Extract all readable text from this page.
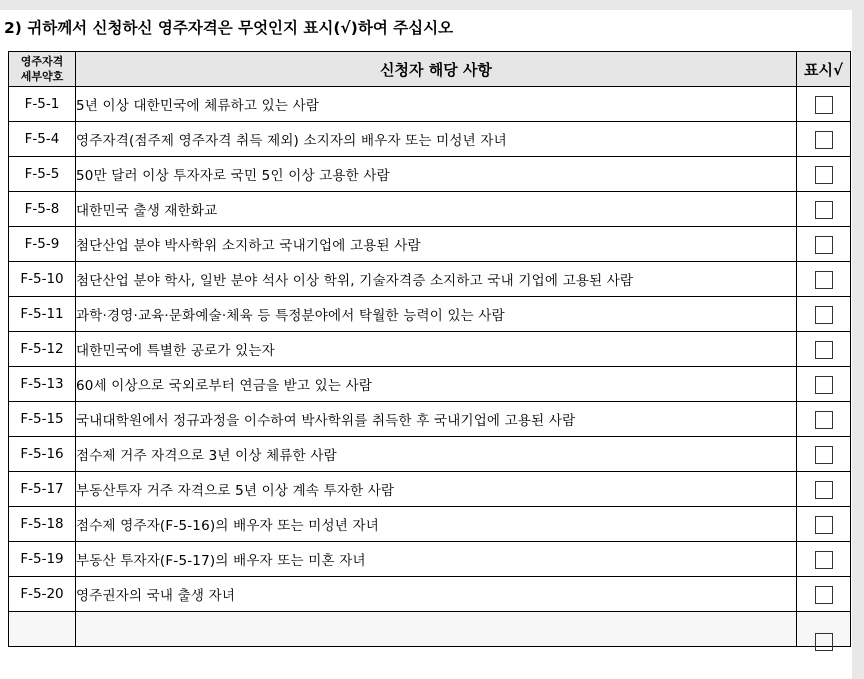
2) 귀하께서 신청하신 영주자격은 무엇인지 표시(√)하여 주십시오
영주자격
세부약호	신청자 해당 사항	표시√
F-5-1	5년 이상 대한민국에 체류하고 있는 사람	
F-5-4	영주자격(점주제 영주자격 취득 제외) 소지자의 배우자 또는 미성년 자녀	
F-5-5	50만 달러 이상 투자자로 국민 5인 이상 고용한 사람	
F-5-8	대한민국 출생 재한화교	
F-5-9	첨단산업 분야 박사학위 소지하고 국내기업에 고용된 사람	
F-5-10	첨단산업 분야 학사, 일반 분야 석사 이상 학위, 기술자격증 소지하고 국내 기업에 고용된 사람	
F-5-11	과학·경영·교육·문화예술·체육 등 특정분야에서 탁월한 능력이 있는 사람	
F-5-12	대한민국에 특별한 공로가 있는자	
F-5-13	60세 이상으로 국외로부터 연금을 받고 있는 사람	
F-5-15	국내대학원에서 정규과정을 이수하여 박사학위를 취득한 후 국내기업에 고용된 사람	
F-5-16	점수제 거주 자격으로 3년 이상 체류한 사람	
F-5-17	부동산투자 거주 자격으로 5년 이상 계속 투자한 사람	
F-5-18	점수제 영주자(F-5-16)의 배우자 또는 미성년 자녀	
F-5-19	부동산 투자자(F-5-17)의 배우자 또는 미혼 자녀	
F-5-20	영주권자의 국내 출생 자녀	
